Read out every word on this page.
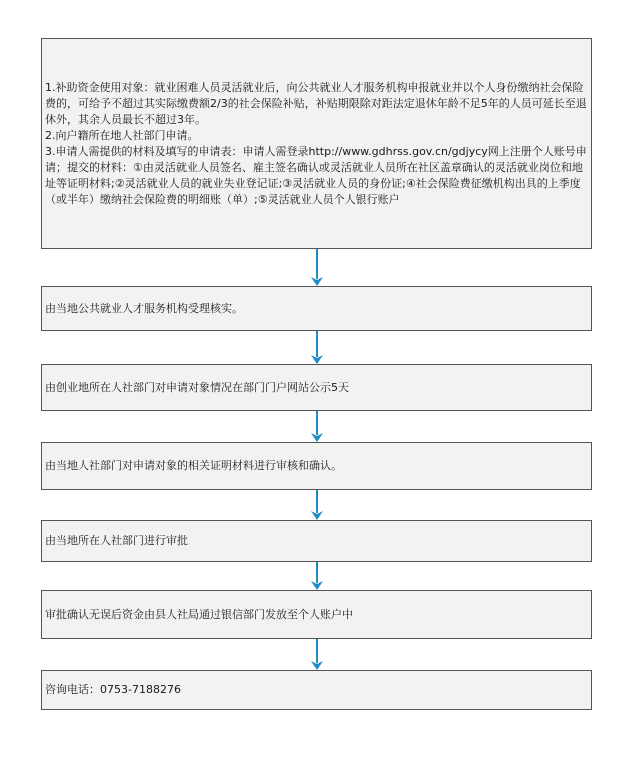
1.补助资金使用对象：就业困难人员灵活就业后，向公共就业人才服务机构申报就业并以个人身份缴纳社会保险费的，可给予不超过其实际缴费额2/3的社会保险补贴，补贴期限除对距法定退休年龄不足5年的人员可延长至退休外，其余人员最长不超过3年。
2.向户籍所在地人社部门申请。
3.申请人需提供的材料及填写的申请表：申请人需登录http://www.gdhrss.gov.cn/gdjycy网上注册个人账号申请；提交的材料：①由灵活就业人员签名、雇主签名确认或灵活就业人员所在社区盖章确认的灵活就业岗位和地址等证明材料;②灵活就业人员的就业失业登记证;③灵活就业人员的身份证;④社会保险费征缴机构出具的上季度（或半年）缴纳社会保险费的明细账（单）;⑤灵活就业人员个人银行账户
由当地公共就业人才服务机构受理核实。
由创业地所在人社部门对申请对象情况在部门门户网站公示5天
由当地人社部门对申请对象的相关证明材料进行审核和确认。
由当地所在人社部门进行审批
审批确认无误后资金由县人社局通过银信部门发放至个人账户中
咨询电话：0753-7188276
